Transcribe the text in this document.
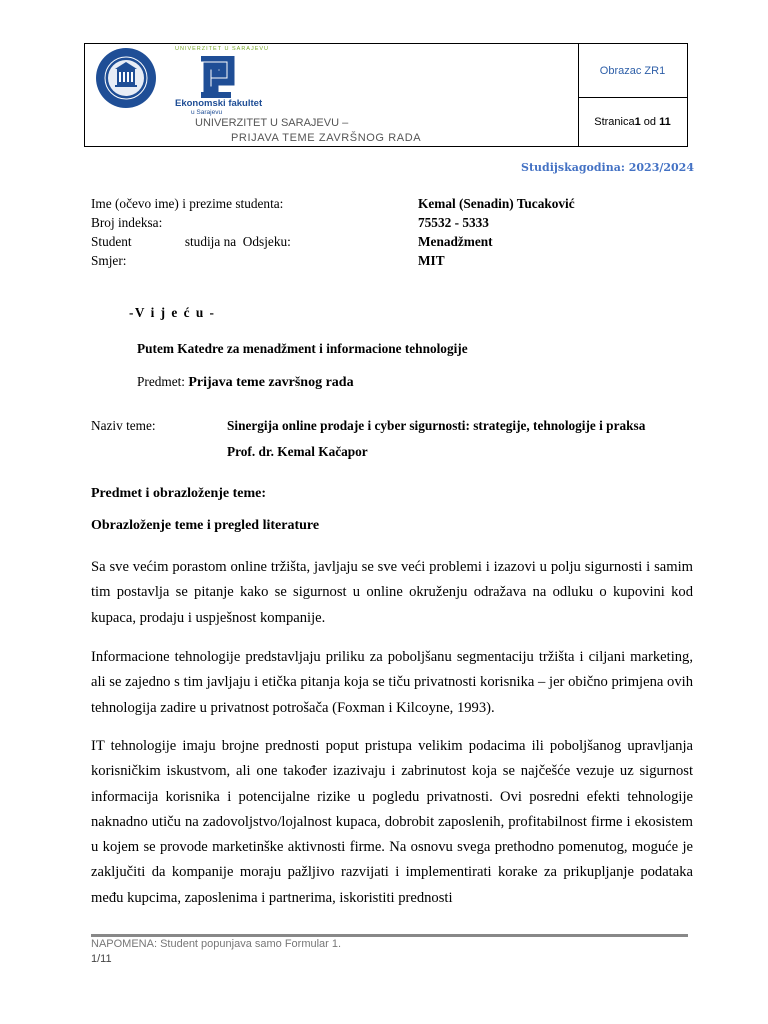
UNIVERZITET U SARAJEVU
Ekonomski fakultet
u Sarajevu
UNIVERZITET U SARAJEVU –
PRIJAVA TEME ZAVRŠNOG RADA
Obrazac ZR1
Stranica 1 od 11
Studijskagodina: 2023/2024
Ime (očevo ime) i prezime studenta:	Kemal (Senadin) Tucaković
Broj indeksa:	75532 - 5333
Student                studija na  Odsjeku:	Menadžment
Smjer:	MIT
-V i j e ć u -
Putem Katedre za menadžment i informacione tehnologije
Predmet: Prijava teme završnog rada
Naziv teme:	Sinergija online prodaje i cyber sigurnosti: strategije, tehnologije i praksa
Prof. dr. Kemal Kačapor
Predmet i obrazloženje teme:
Obrazloženje teme i pregled literature
Sa sve većim porastom online tržišta, javljaju se sve veći problemi i izazovi u polju sigurnosti i samim tim postavlja se pitanje kako se sigurnost u online okruženju odražava na odluku o kupovini kod kupaca, prodaju i uspješnost kompanije.
Informacione tehnologije predstavljaju priliku za poboljšanu segmentaciju tržišta i ciljani marketing, ali se zajedno s tim javljaju i etička pitanja koja se tiču privatnosti korisnika – jer obično primjena ovih tehnologija zadire u privatnost potrošača (Foxman i Kilcoyne, 1993).
IT tehnologije imaju brojne prednosti poput pristupa velikim podacima ili poboljšanog upravljanja korisničkim iskustvom, ali one također izazivaju i zabrinutost koja se najčešće vezuje uz sigurnost informacija korisnika i potencijalne rizike u pogledu privatnosti. Ovi posredni efekti tehnologije naknadno utiču na zadovoljstvo/lojalnost kupaca, dobrobit zaposlenih, profitabilnost firme i ekosistem u kojem se provode marketinške aktivnosti firme. Na osnovu svega prethodno pomenutog, moguće je zaključiti da kompanije moraju pažljivo razvijati i implementirati korake za prikupljanje podataka među kupcima, zaposlenima i partnerima, iskoristiti prednosti
NAPOMENA: Student popunjava samo Formular 1.
1/11
